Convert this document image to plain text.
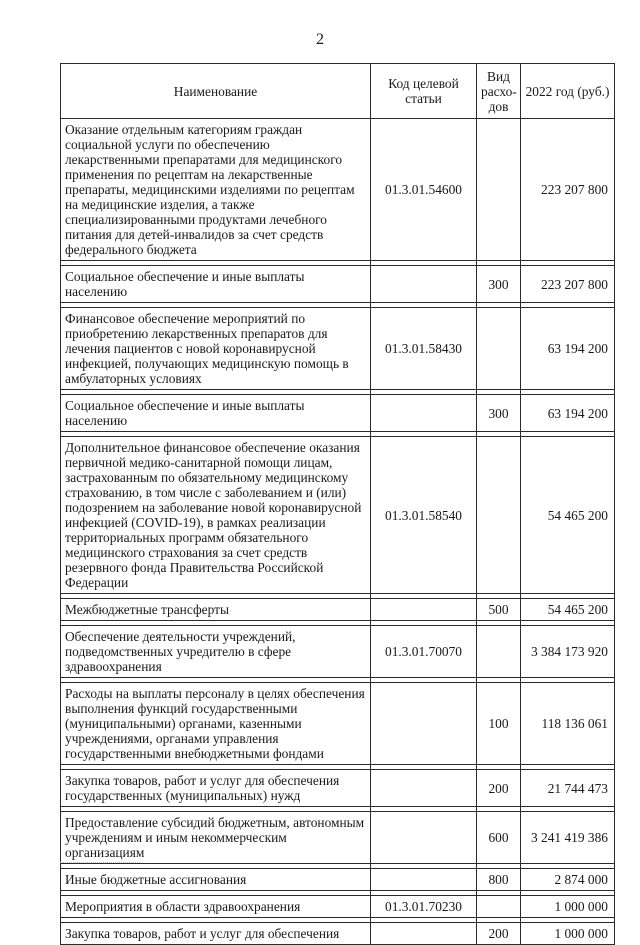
2
Наименование	Код целевой статьи	Вид расхо-дов	2022 год (руб.)
Оказание отдельным категориям граждан социальной услуги по обеспечению лекарственными препаратами для медицинского применения по рецептам на лекарственные препараты, медицинскими изделиями по рецептам на медицинские изделия, а также специализированными продуктами лечебного питания для детей-инвалидов за счет средств федерального бюджета	01.3.01.54600		223 207 800

Социальное обеспечение и иные выплаты населению		300	223 207 800

Финансовое обеспечение мероприятий по приобретению лекарственных препаратов для лечения пациентов с новой коронавирусной инфекцией, получающих медицинскую помощь в амбулаторных условиях	01.3.01.58430		63 194 200

Социальное обеспечение и иные выплаты населению		300	63 194 200

Дополнительное финансовое обеспечение оказания первичной медико-санитарной помощи лицам, застрахованным по обязательному медицинскому страхованию, в том числе с заболеванием и (или) подозрением на заболевание новой коронавирусной инфекцией (COVID-19), в рамках реализации территориальных программ обязательного медицинского страхования за счет средств резервного фонда Правительства Российской Федерации	01.3.01.58540		54 465 200

Межбюджетные трансферты		500	54 465 200

Обеспечение деятельности учреждений, подведомственных учредителю в сфере здравоохранения	01.3.01.70070		3 384 173 920

Расходы на выплаты персоналу в целях обеспечения выполнения функций государственными (муниципальными) органами, казенными учреждениями, органами управления государственными внебюджетными фондами		100	118 136 061

Закупка товаров, работ и услуг для обеспечения государственных (муниципальных) нужд		200	21 744 473

Предоставление субсидий бюджетным, автономным учреждениям и иным некоммерческим организациям		600	3 241 419 386

Иные бюджетные ассигнования		800	2 874 000

Мероприятия в области здравоохранения	01.3.01.70230		1 000 000

Закупка товаров, работ и услуг для обеспечения		200	1 000 000
